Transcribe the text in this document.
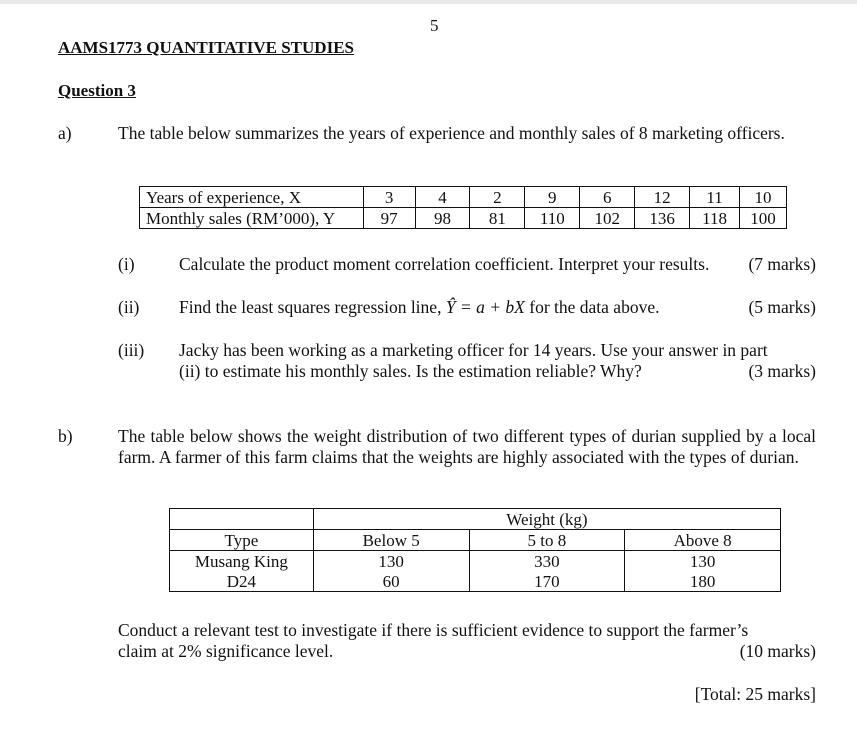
5
AAMS1773 QUANTITATIVE STUDIES
Question 3
a)	The table below summarizes the years of experience and monthly sales of 8 marketing officers.
Years of experience, X	3	4	2	9	6	12	11	10
Monthly sales (RM’000), Y	97	98	81	110	102	136	118	100
(i)	Calculate the product moment correlation coefficient. Interpret your results. (7 marks)
(ii) Find the least squares regression line, Ŷ = a + bX for the data above.	(5 marks)
(iii) Jacky has been working as a marketing officer for 14 years. Use your answer in part
(ii) to estimate his monthly sales. Is the estimation reliable? Why?	(3 marks)
b)	The table below shows the weight distribution of two different types of durian supplied by a local farm. A farmer of this farm claims that the weights are highly associated with the types of durian.
	Weight (kg)		
Type	Below 5	5 to 8	Above 8
Musang King	130	330	130
D24	60	170	180
Conduct a relevant test to investigate if there is sufficient evidence to support the farmer’s
claim at 2% significance level.	(10 marks)
[Total: 25 marks]
